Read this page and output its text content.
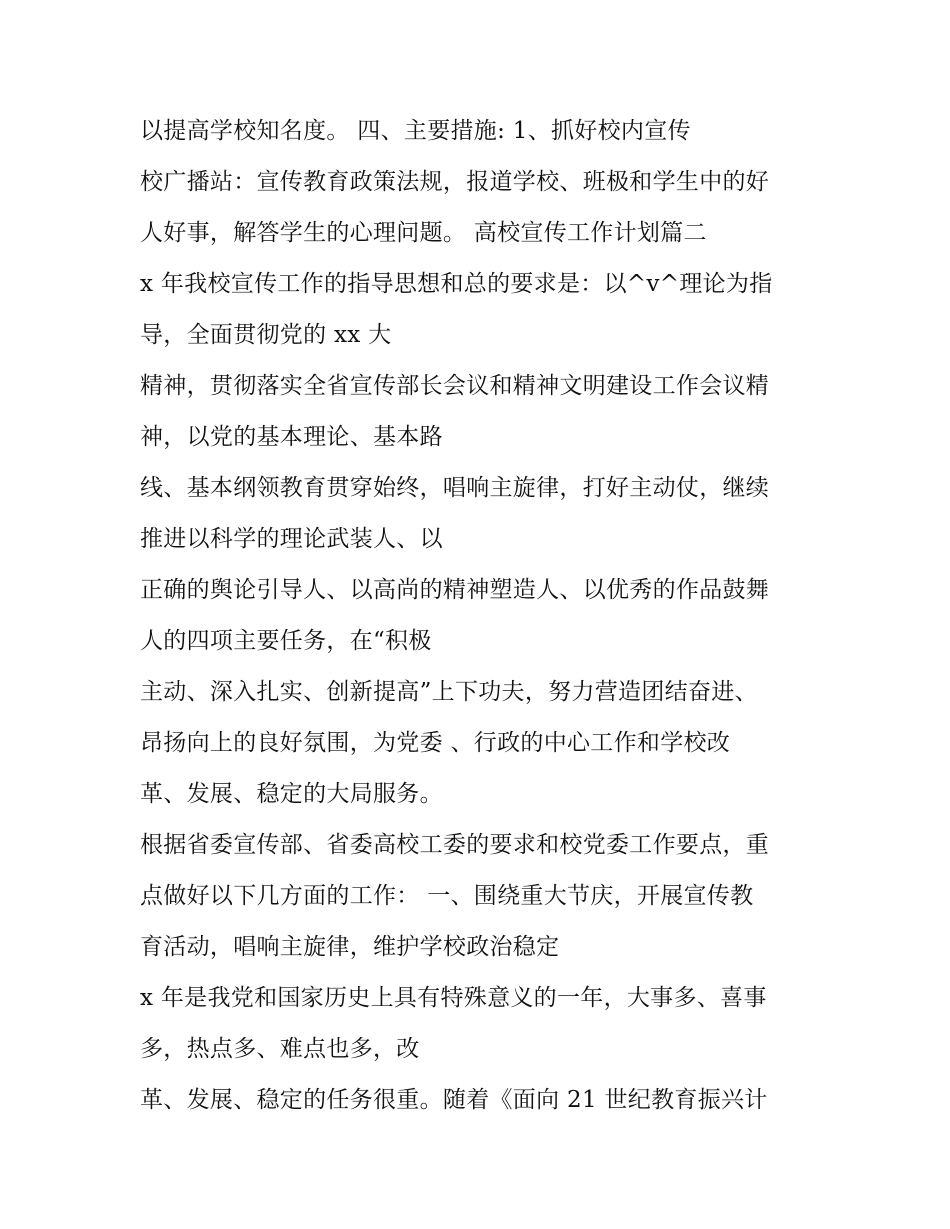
以提高学校知名度。 四、主要措施: 1、抓好校内宣传
校广播站：宣传教育政策法规，报道学校、班极和学生中的好
人好事，解答学生的心理问题。 高校宣传工作计划篇二
x 年我校宣传工作的指导思想和总的要求是：以^v^理论为指
导，全面贯彻党的 xx 大
精神，贯彻落实全省宣传部长会议和精神文明建设工作会议精
神，以党的基本理论、基本路
线、基本纲领教育贯穿始终，唱响主旋律，打好主动仗，继续
推进以科学的理论武装人、以
正确的舆论引导人、以高尚的精神塑造人、以优秀的作品鼓舞
人的四项主要任务，在“积极
主动、深入扎实、创新提高”上下功夫，努力营造团结奋进、
昂扬向上的良好氛围，为党委 、行政的中心工作和学校改
革、发展、稳定的大局服务。
根据省委宣传部、省委高校工委的要求和校党委工作要点，重
点做好以下几方面的工作： 一、围绕重大节庆，开展宣传教
育活动，唱响主旋律，维护学校政治稳定
x 年是我党和国家历史上具有特殊意义的一年，大事多、喜事
多，热点多、难点也多，改
革、发展、稳定的任务很重。随着《面向 21 世纪教育振兴计
